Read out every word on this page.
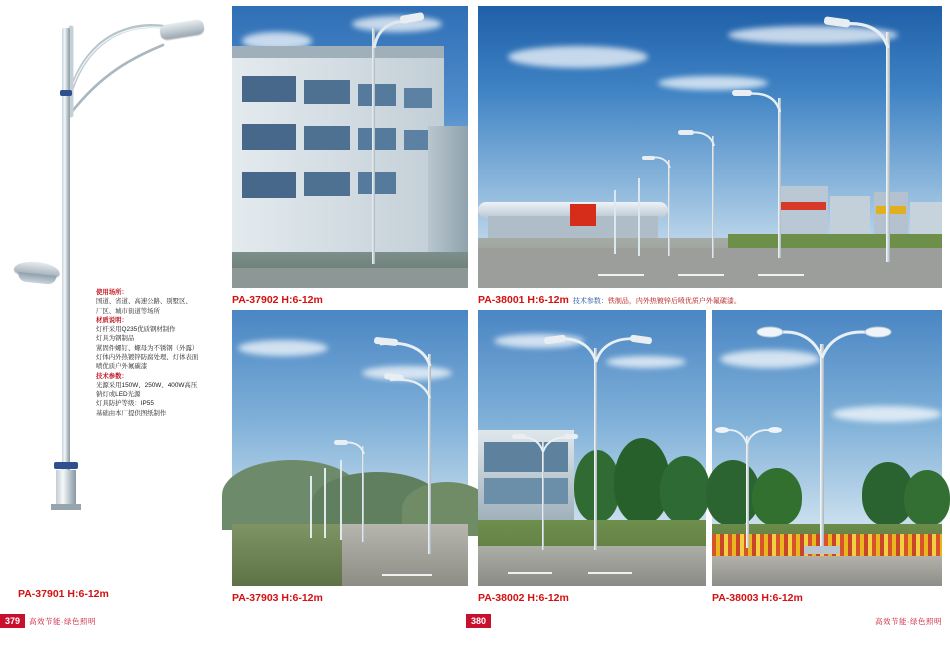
使用场所：
国道、省道、高速公路、别墅区、
厂区、城市街道等场所
材质说明：
灯杆采用Q235优质钢材制作
灯具为钢制品
紧固件螺钉、螺母为不锈钢（外露）
灯体内外热镀锌防腐处理、灯体表面
喷优质户外氟碳漆
技术参数：
光源采用150W、250W、400W高压
钠灯或LED光源
灯具防护等级：IP55
基础由本厂提供图纸制作
PA-37901 H:6-12m
PA-37902 H:6-12m	PA-38001 H:6-12m 技术参数：铁制品，内外热镀锌后喷优质户外氟碳漆。
PA-37903 H:6-12m	PA-38002 H:6-12m	PA-38003 H:6-12m
379	高效节能·绿色照明	380	高效节能·绿色照明
